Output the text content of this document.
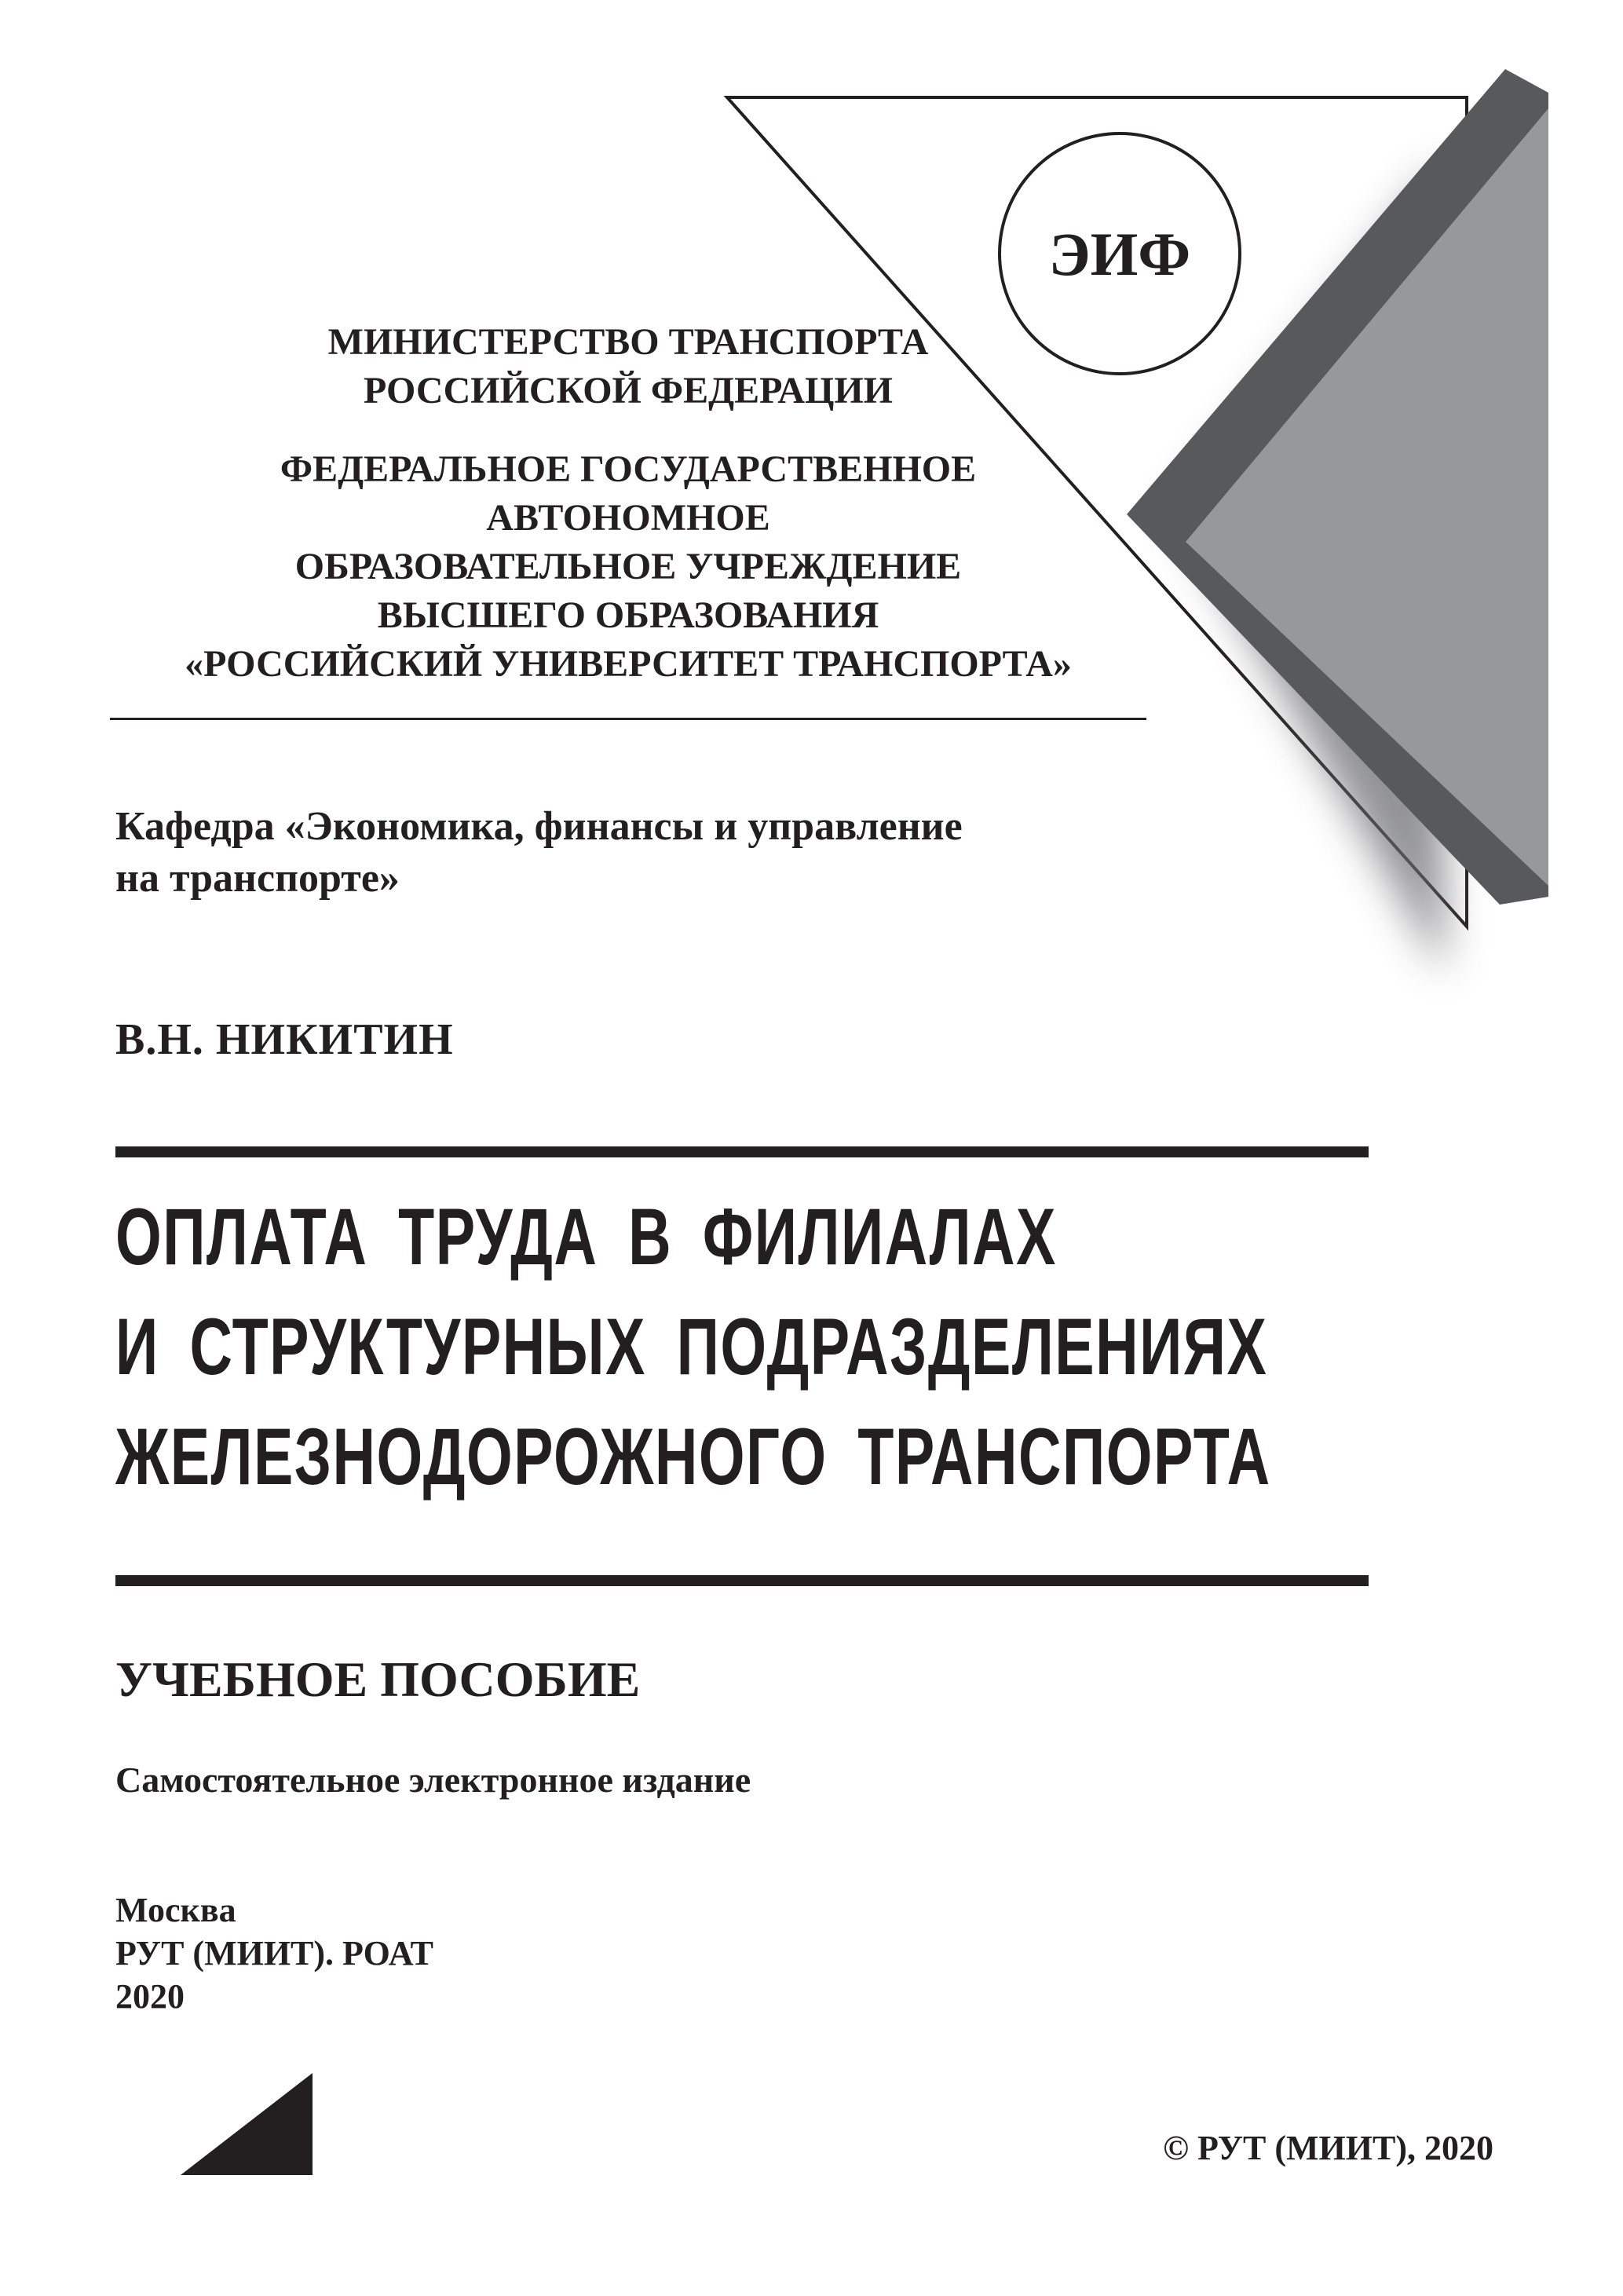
ЭИФ
МИНИСТЕРСТВО ТРАНСПОРТА
РОССИЙСКОЙ ФЕДЕРАЦИИ
ФЕДЕРАЛЬНОЕ ГОСУДАРСТВЕННОЕ
АВТОНОМНОЕ
ОБРАЗОВАТЕЛЬНОЕ УЧРЕЖДЕНИЕ
ВЫСШЕГО ОБРАЗОВАНИЯ
«РОССИЙСКИЙ УНИВЕРСИТЕТ ТРАНСПОРТА»
Кафедра «Экономика, финансы и управление
на транспорте»
В.Н. НИКИТИН
ОПЛАТА ТРУДА В ФИЛИАЛАХ
И СТРУКТУРНЫХ ПОДРАЗДЕЛЕНИЯХ
ЖЕЛЕЗНОДОРОЖНОГО ТРАНСПОРТА
УЧЕБНОЕ ПОСОБИЕ
Самостоятельное электронное издание
Москва
РУТ (МИИТ). РОАТ
2020
© РУТ (МИИТ), 2020
